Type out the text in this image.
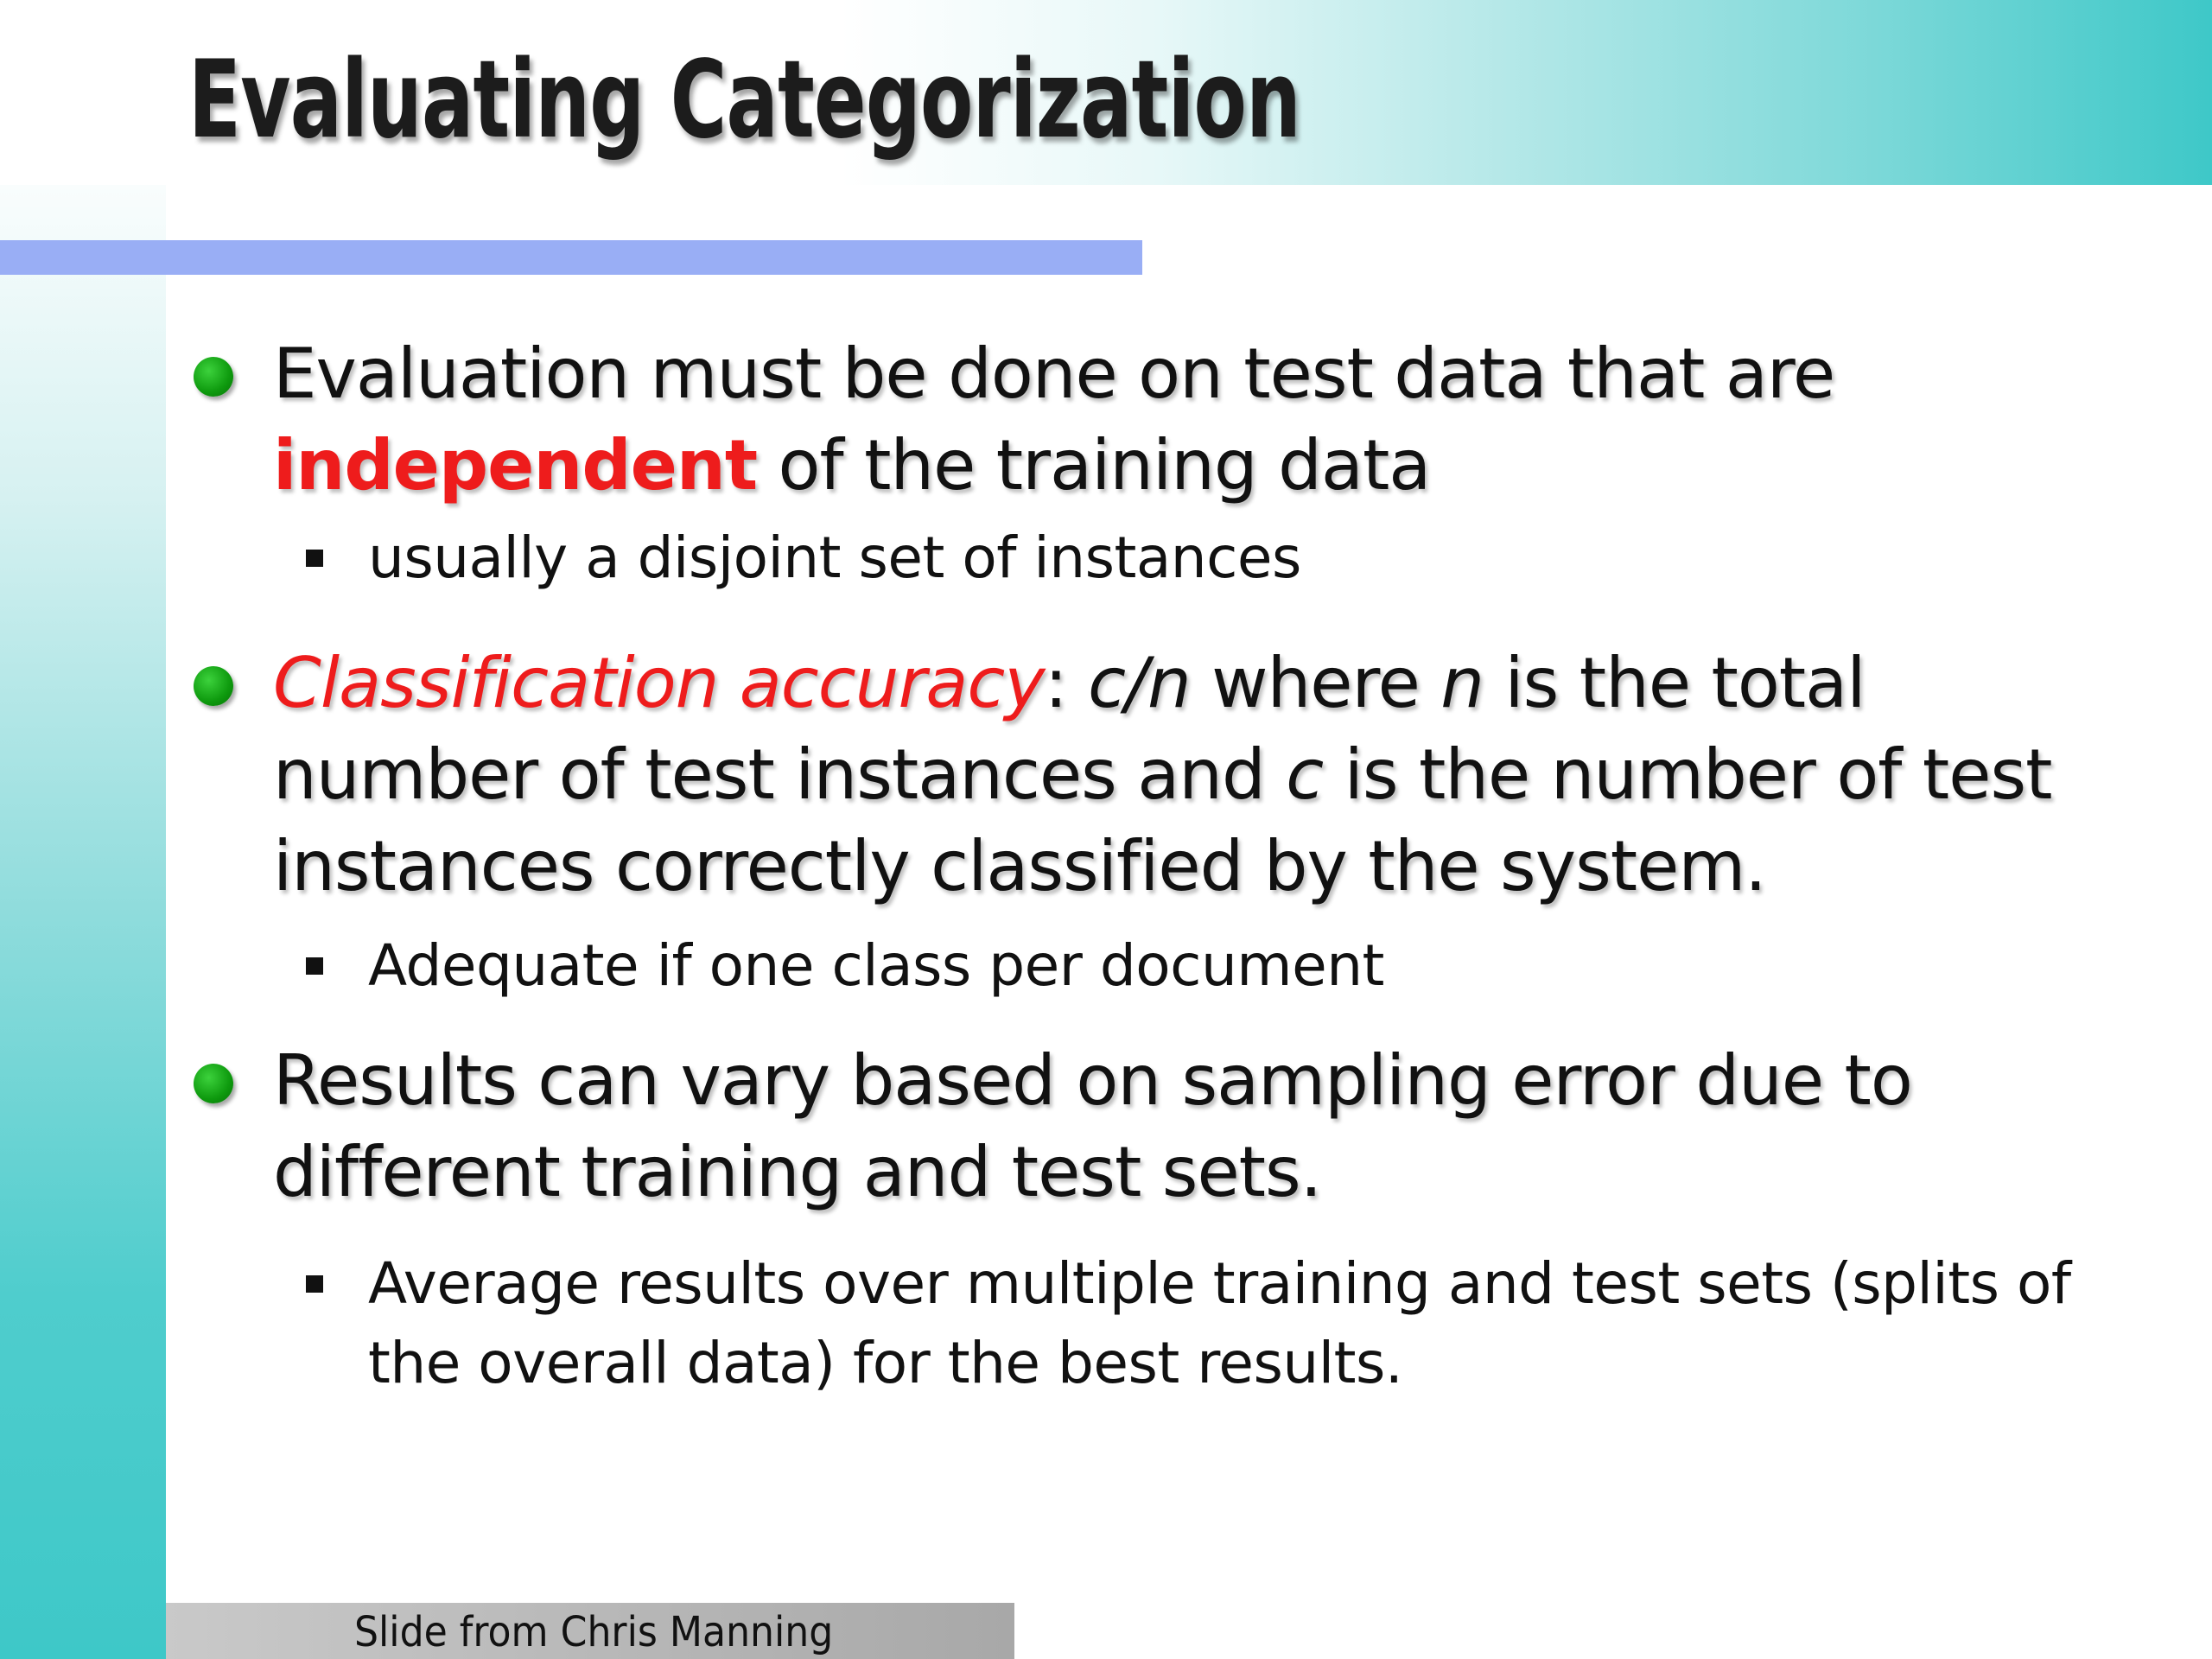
Evaluating Categorization
Evaluation must be done on test data that are independent of the training data
usually a disjoint set of instances
Classification accuracy: c/n where n is the total number of test instances and c is the number of test instances correctly classified by the system.
Adequate if one class per document
Results can vary based on sampling error due to different training and test sets.
Average results over multiple training and test sets (splits of the overall data) for the best results.
Slide from Chris Manning
